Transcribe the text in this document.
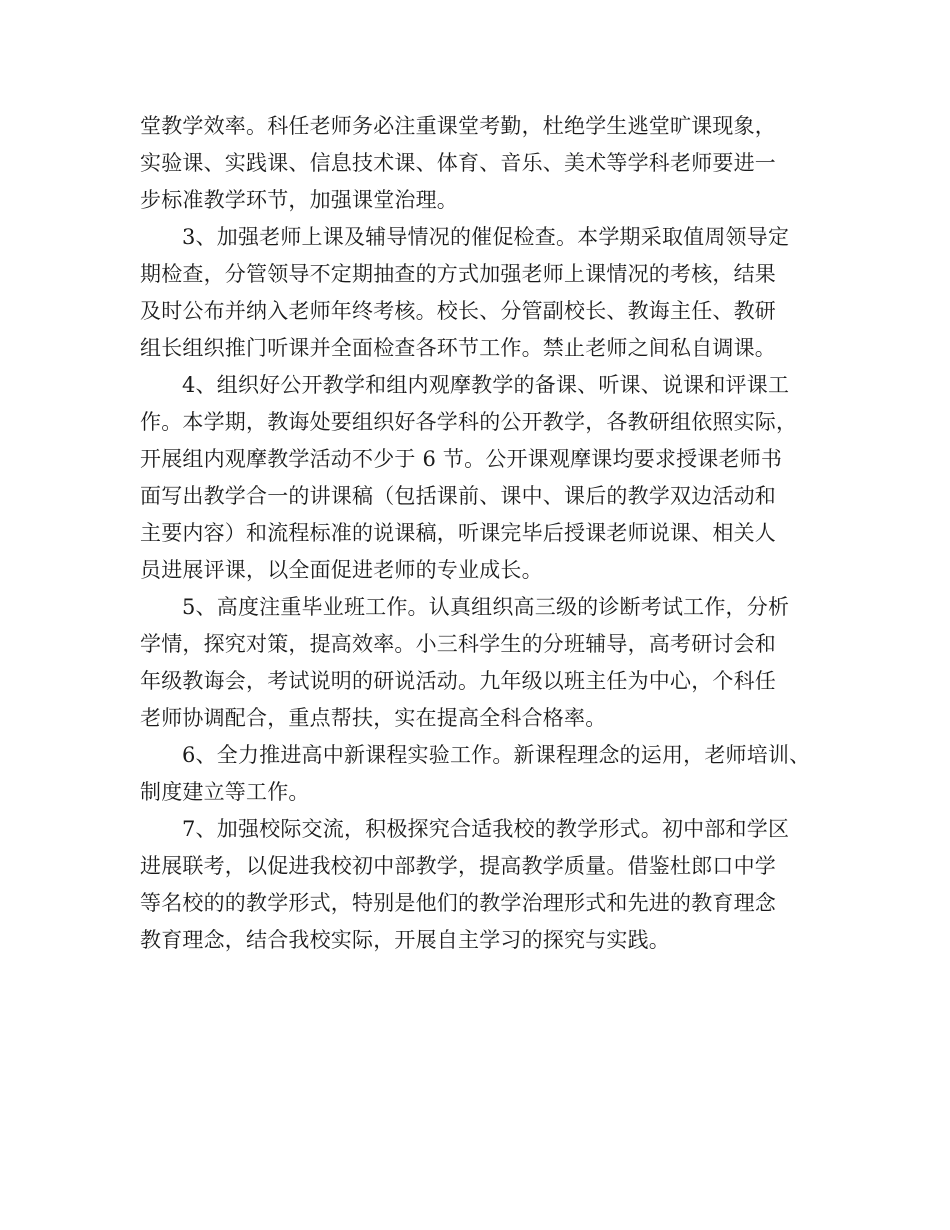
堂教学效率。科任老师务必注重课堂考勤，杜绝学生逃堂旷课现象，
实验课、实践课、信息技术课、体育、音乐、美术等学科老师要进一
步标准教学环节，加强课堂治理。
3、加强老师上课及辅导情况的催促检查。本学期采取值周领导定
期检查，分管领导不定期抽查的方式加强老师上课情况的考核，结果
及时公布并纳入老师年终考核。校长、分管副校长、教诲主任、教研
组长组织推门听课并全面检查各环节工作。禁止老师之间私自调课。
4、组织好公开教学和组内观摩教学的备课、听课、说课和评课工
作。本学期，教诲处要组织好各学科的公开教学，各教研组依照实际，
开展组内观摩教学活动不少于 6 节。公开课观摩课均要求授课老师书
面写出教学合一的讲课稿（包括课前、课中、课后的教学双边活动和
主要内容）和流程标准的说课稿，听课完毕后授课老师说课、相关人
员进展评课，以全面促进老师的专业成长。
5、高度注重毕业班工作。认真组织高三级的诊断考试工作，分析
学情，探究对策，提高效率。小三科学生的分班辅导，高考研讨会和
年级教诲会，考试说明的研说活动。九年级以班主任为中心，个科任
老师协调配合，重点帮扶，实在提高全科合格率。
6、全力推进高中新课程实验工作。新课程理念的运用，老师培训、
制度建立等工作。
7、加强校际交流，积极探究合适我校的教学形式。初中部和学区
进展联考，以促进我校初中部教学，提高教学质量。借鉴杜郎口中学
等名校的的教学形式，特别是他们的教学治理形式和先进的教育理念
教育理念，结合我校实际，开展自主学习的探究与实践。
